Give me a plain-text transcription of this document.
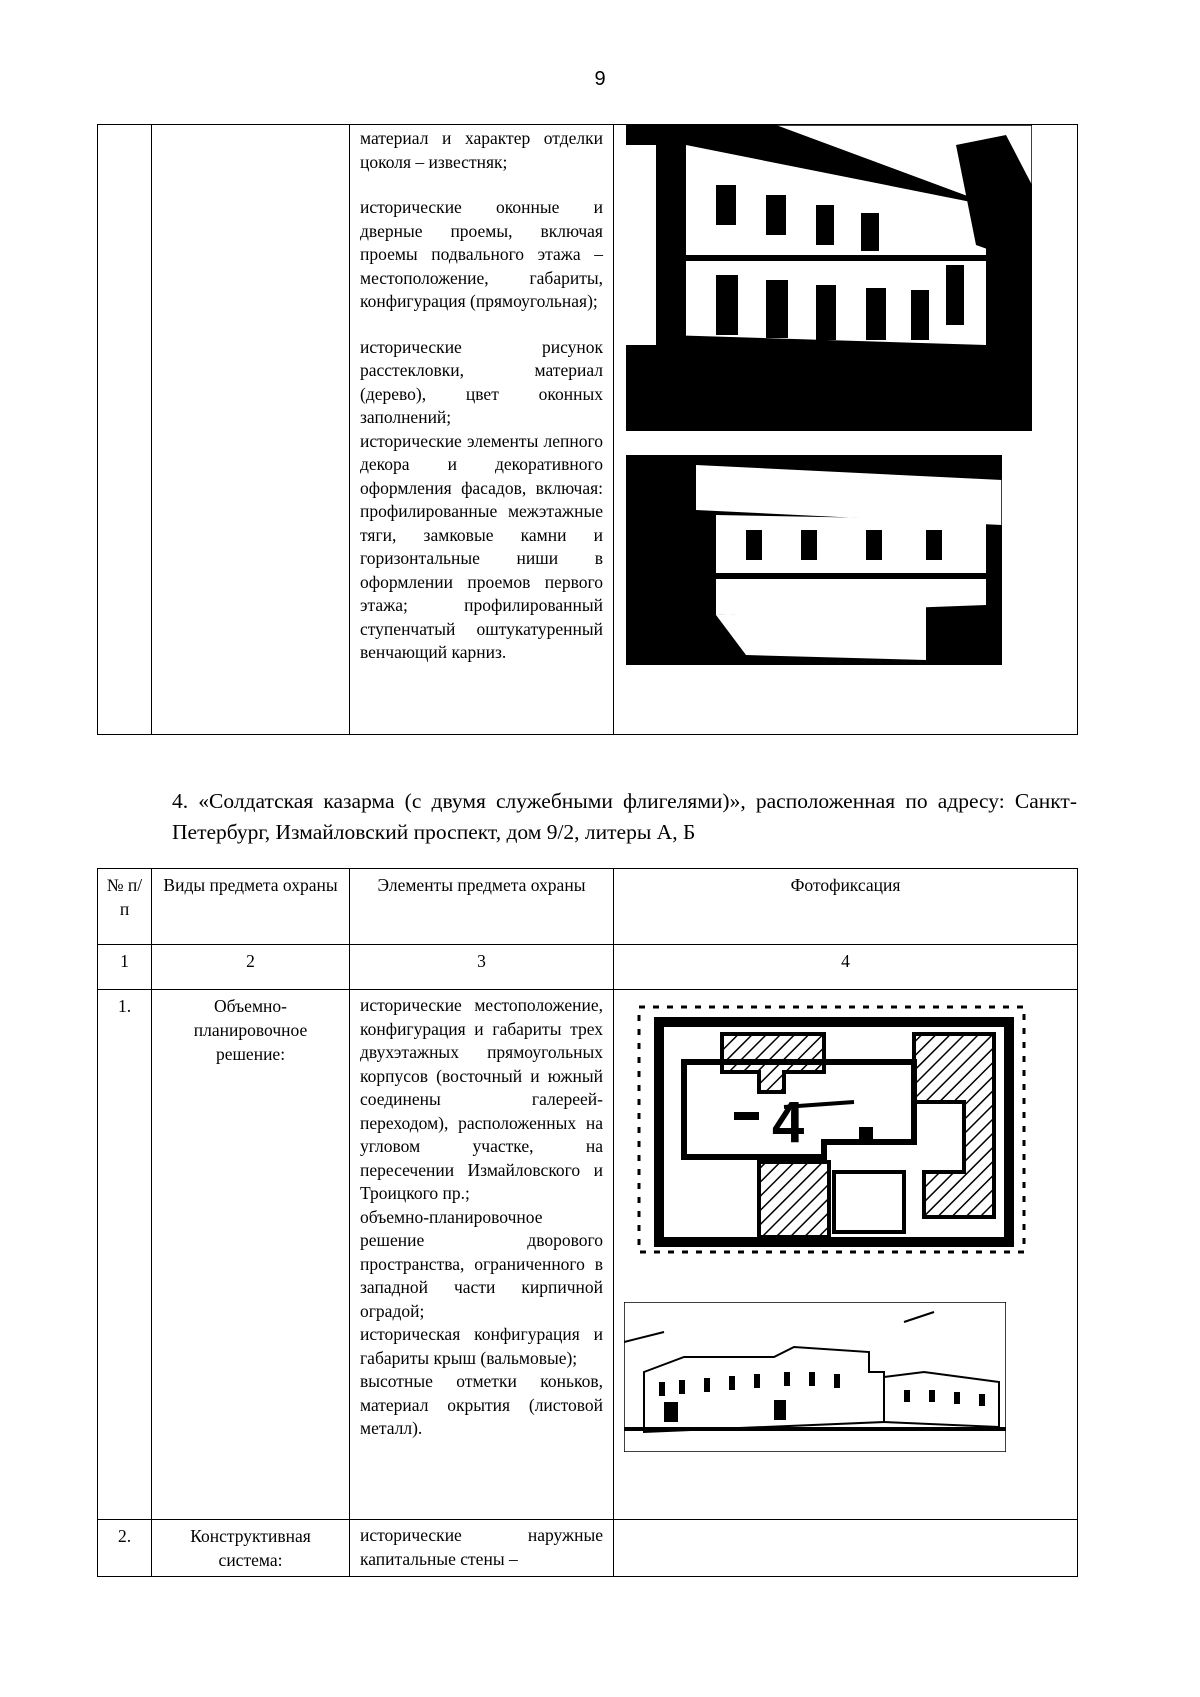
9

материал и характер отделки цоколя – известняк;

исторические оконные и дверные проемы, включая проемы подвального этажа – местоположение, габариты, конфигурация (прямоугольная);

исторические рисунок расстекловки, материал (дерево), цвет оконных заполнений;

исторические элементы лепного декора и декоративного оформления фасадов, включая: профилированные межэтажные тяги, замковые камни и горизонтальные ниши в оформлении проемов первого этажа; профилированный ступенчатый оштукатуренный венчающий карниз.

4. «Солдатская казарма (с двумя служебными флигелями)», расположенная по адресу: Санкт-Петербург, Измайловский проспект, дом 9/2, литеры А, Б
№ п/п	Виды предмета охраны	Элементы предмета охраны	Фотофиксация

1	2	3	4

1.	Объемно-планировочное решение:	исторические местоположение, конфигурация и габариты трех двухэтажных прямоугольных корпусов (восточный и южный соединены галереей-переходом), расположенных на угловом участке, на пересечении Измайловского и Троицкого пр.;

объемно-планировочное решение дворового пространства, ограниченного в западной части кирпичной оградой;

историческая конфигурация и габариты крыш (вальмовые);

высотные отметки коньков, материал окрытия (листовой металл).	4

2.	Конструктивная система:	исторические наружные капитальные стены –	
